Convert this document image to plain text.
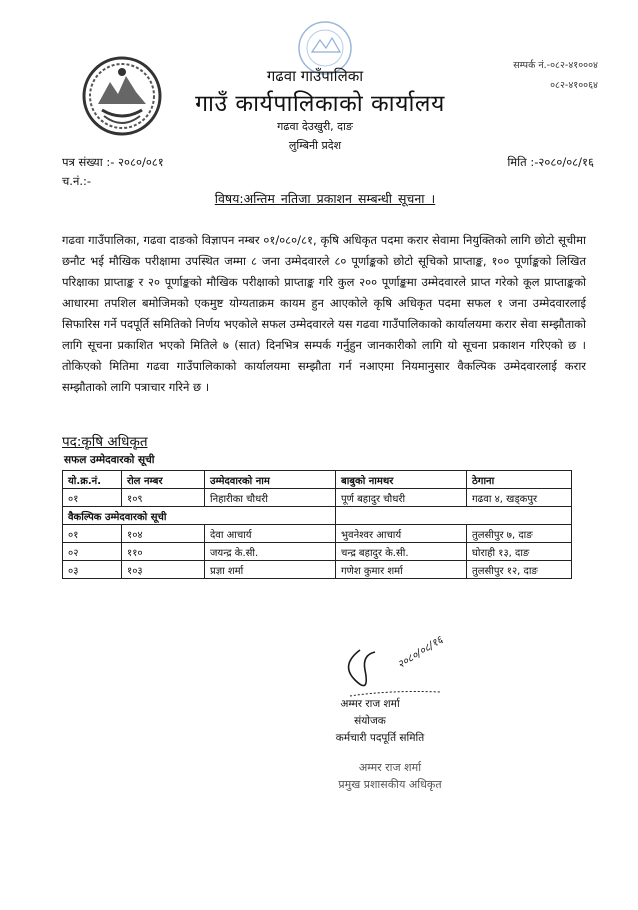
गढवा गाउँपालिका
गाउँ कार्यपालिकाको कार्यालय
गढवा देउखुरी, दाङ
लुम्बिनी प्रदेश
सम्पर्क नं.-०८२-४१०००४
०८२-४१००६४
पत्र संख्या :- २०८०/०८१
च.नं.:-
मिति :-२०८०/०८/१६
विषय:अन्तिम नतिजा प्रकाशन सम्बन्धी सूचना ।
गढवा गाउँपालिका, गढवा दाङको विज्ञापन नम्बर ०१/०८०/८१, कृषि अधिकृत पदमा करार सेवामा नियुक्तिको लागि छोटो सूचीमा छनौट भई मौखिक परीक्षामा उपस्थित जम्मा ८ जना उम्मेदवारले ८० पूर्णाङ्कको छोटो सूचिको प्राप्ताङ्क, १०० पूर्णाङ्कको लिखित परिक्षाका प्राप्ताङ्क र २० पूर्णाङ्कको मौखिक परीक्षाको प्राप्ताङ्क गरि कुल २०० पूर्णाङ्कमा उम्मेदवारले प्राप्त गरेको कूल प्राप्ताङ्कको आधारमा तपशिल बमोजिमको एकमुष्ट योग्यताक्रम कायम हुन आएकोले कृषि अधिकृत पदमा सफल १ जना उम्मेदवारलाई सिफारिस गर्ने पदपूर्ति समितिको निर्णय भएकोले सफल उम्मेदवारले यस गढवा गाउँपालिकाको कार्यालयमा करार सेवा सम्झौताको लागि सूचना प्रकाशित भएको मितिले ७ (सात) दिनभित्र सम्पर्क गर्नुहुन जानकारीको लागि यो सूचना प्रकाशन गरिएको छ । तोकिएको मितिमा गढवा गाउँपालिकाको कार्यालयमा सम्झौता गर्न नआएमा नियमानुसार वैकल्पिक उम्मेदवारलाई करार सम्झौताको लागि पत्राचार गरिने छ ।
पद:कृषि अधिकृत
सफल उम्मेदवारको सूची
यो.क्र.नं.	रोल नम्बर	उम्मेदवारको नाम	बाबुको नामथर	ठेगाना
०१	१०९	निहारीका चौधरी	पूर्ण बहादुर चौधरी	गढवा ४, खड्कपुर
वैकल्पिक उम्मेदवारको सूची				
०१	१०४	देवा आचार्य	भुवनेश्वर आचार्य	तुलसीपुर ७, दाङ
०२	११०	जयन्द्र के.सी.	चन्द्र बहादुर के.सी.	घोराही १३, दाङ
०३	१०३	प्रज्ञा शर्मा	गणेश कुमार शर्मा	तुलसीपुर १२, दाङ
२०८०/०८/१६
अम्मर राज शर्मा
संयोजक
कर्मचारी पदपूर्ति समिति
अम्मर राज शर्मा
प्रमुख प्रशासकीय अधिकृत
